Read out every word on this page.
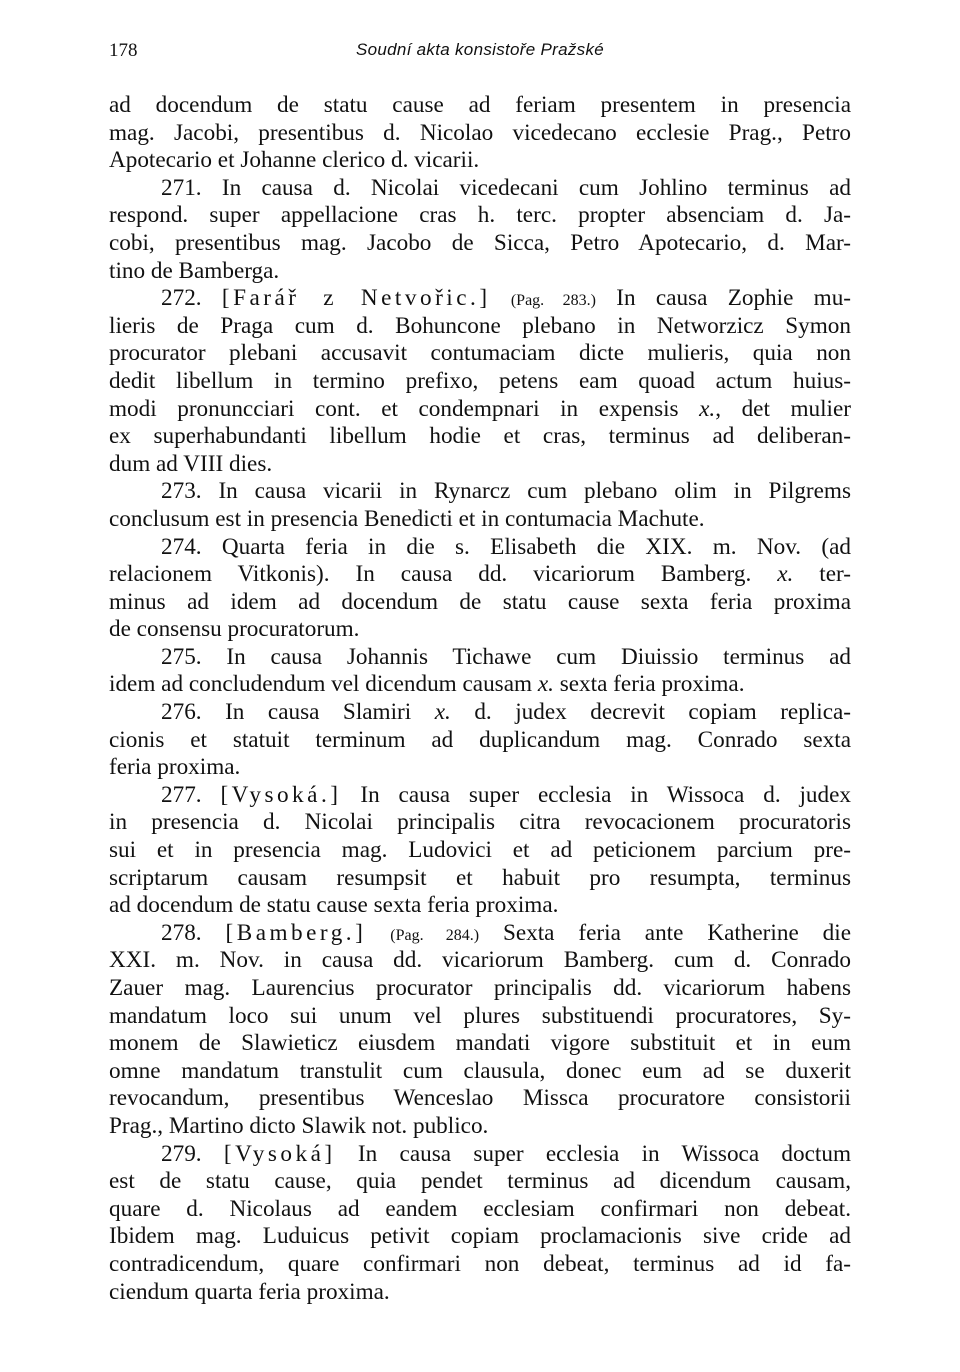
178	Soudní akta konsistoře Pražské
ad docendum de statu cause ad feriam presentem in presencia
mag. Jacobi, presentibus d. Nicolao vicedecano ecclesie Prag., Petro
Apotecario et Johanne clerico d. vicarii.
271. In causa d. Nicolai vicedecani cum Johlino terminus ad
respond. super appellacione cras h. terc. propter absenciam d. Ja-
cobi, presentibus mag. Jacobo de Sicca, Petro Apotecario, d. Mar-
tino de Bamberga.
272. [Farář z Netvořic.] (Pag. 283.) In causa Zophie mu-
lieris de Praga cum d. Bohuncone plebano in Networzicz Symon
procurator plebani accusavit contumaciam dicte mulieris, quia non
dedit libellum in termino prefixo, petens eam quoad actum huius-
modi pronuncciari cont. et condempnari in expensis x., det mulier
ex superhabundanti libellum hodie et cras, terminus ad deliberan-
dum ad VIII dies.
273. In causa vicarii in Rynarcz cum plebano olim in Pilgrems
conclusum est in presencia Benedicti et in contumacia Machute.
274. Quarta feria in die s. Elisabeth die XIX. m. Nov. (ad
relacionem Vitkonis). In causa dd. vicariorum Bamberg. x. ter-
minus ad idem ad docendum de statu cause sexta feria proxima
de consensu procuratorum.
275. In causa Johannis Tichawe cum Diuissio terminus ad
idem ad concludendum vel dicendum causam x. sexta feria proxima.
276. In causa Slamiri x. d. judex decrevit copiam replica-
cionis et statuit terminum ad duplicandum mag. Conrado sexta
feria proxima.
277. [Vysoká.] In causa super ecclesia in Wissoca d. judex
in presencia d. Nicolai principalis citra revocacionem procuratoris
sui et in presencia mag. Ludovici et ad peticionem parcium pre-
scriptarum causam resumpsit et habuit pro resumpta, terminus
ad docendum de statu cause sexta feria proxima.
278. [Bamberg.] (Pag. 284.) Sexta feria ante Katherine die
XXI. m. Nov. in causa dd. vicariorum Bamberg. cum d. Conrado
Zauer mag. Laurencius procurator principalis dd. vicariorum habens
mandatum loco sui unum vel plures substituendi procuratores, Sy-
monem de Slawieticz eiusdem mandati vigore substituit et in eum
omne mandatum transtulit cum clausula, donec eum ad se duxerit
revocandum, presentibus Wenceslao Missca procuratore consistorii
Prag., Martino dicto Slawik not. publico.
279. [Vysoká] In causa super ecclesia in Wissoca doctum
est de statu cause, quia pendet terminus ad dicendum causam,
quare d. Nicolaus ad eandem ecclesiam confirmari non debeat.
Ibidem mag. Luduicus petivit copiam proclamacionis sive cride ad
contradicendum, quare confirmari non debeat, terminus ad id fa-
ciendum quarta feria proxima.
